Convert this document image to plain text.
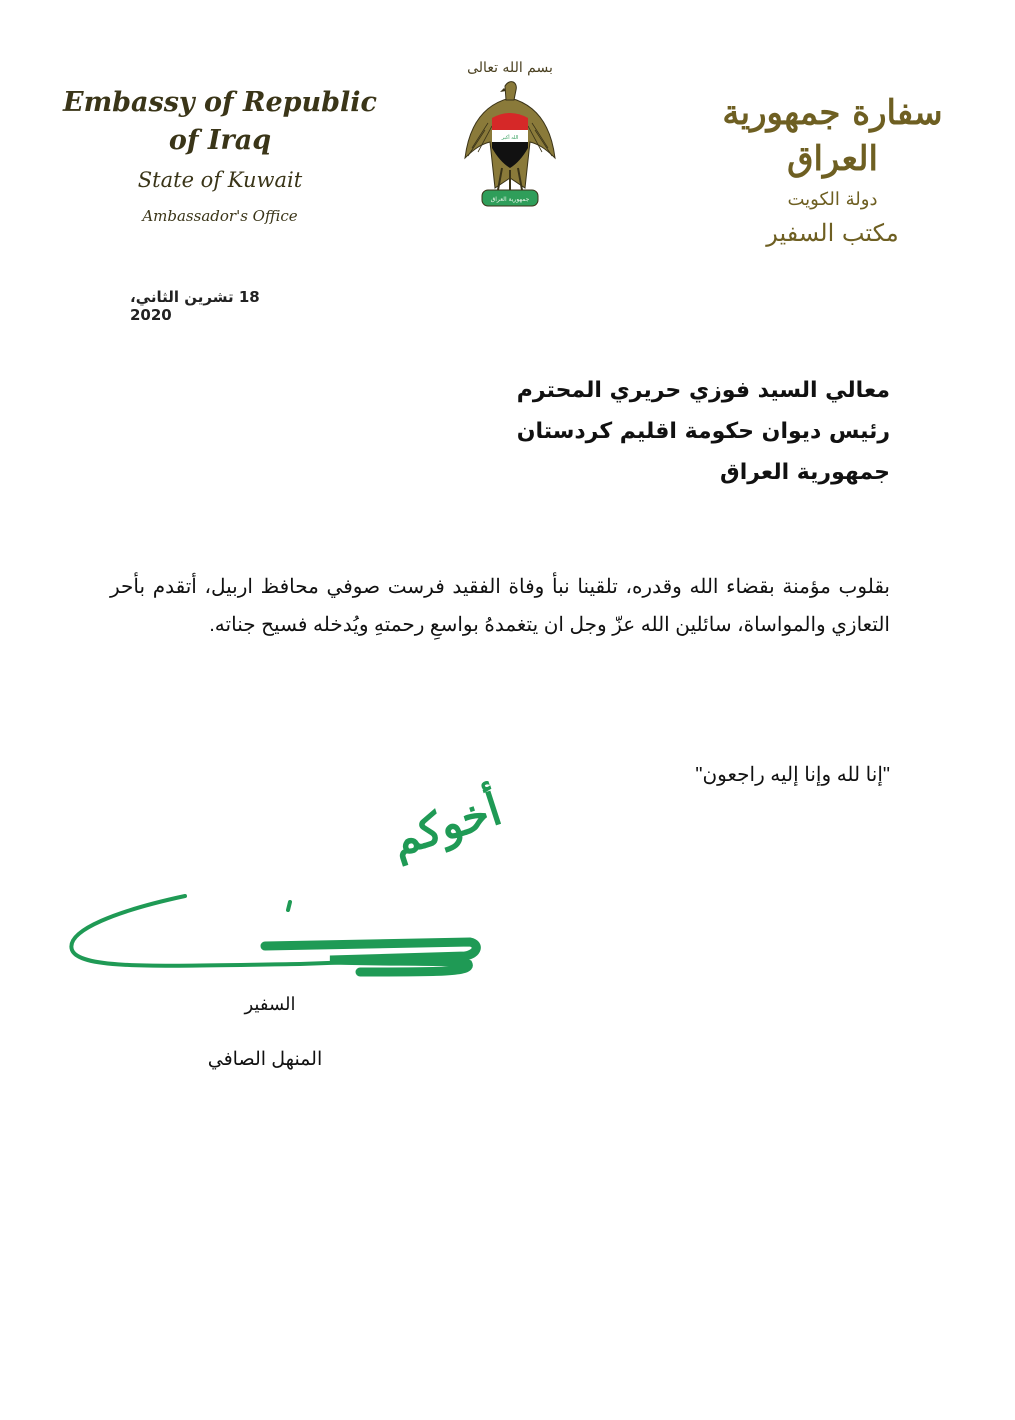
Embassy of Republic of Iraq
State of Kuwait
Ambassador's Office
بسم الله تعالى
الله أكبر
جمهورية العراق
سفارة جمهورية العراق
دولة الكويت
مكتب السفير
18 تشرين الثاني، 2020
معالي السيد فوزي حريري المحترم
رئيس ديوان حكومة اقليم كردستان
جمهورية العراق
بقلوب مؤمنة بقضاء الله وقدره، تلقينا نبأ وفاة الفقيد فرست صوفي محافظ اربيل، أتقدم بأحر التعازي والمواساة، سائلين الله عزّ وجل ان يتغمدهُ بواسعِ رحمتهِ ويُدخله فسيح جناته.
"إنا لله وإنا إليه راجعون"
أخوكم
السفير
المنهل الصافي
